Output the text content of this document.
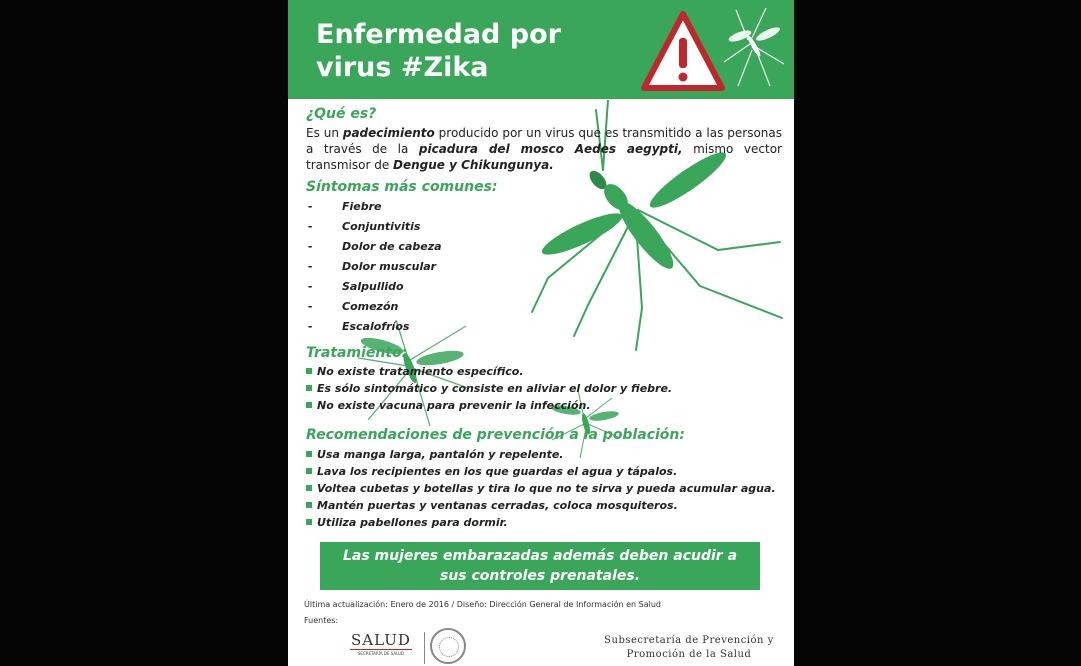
Enfermedad por
virus #Zika
¿Qué es?
Es un padecimiento producido por un virus que es transmitido a las personas a través de la picadura del mosco Aedes aegypti, mismo vector transmisor de Dengue y Chikungunya.
Síntomas más comunes:
-	Fiebre
-	Conjuntivitis
-	Dolor de cabeza
-	Dolor muscular
-	Salpullido
-	Comezón
-	Escalofríos
Tratamiento:
No existe tratamiento específico.
Es sólo sintomático y consiste en aliviar el dolor y fiebre.
No existe vacuna para prevenir la infección.
Recomendaciones de prevención a la población:
Usa manga larga, pantalón y repelente.
Lava los recipientes en los que guardas el agua y tápalos.
Voltea cubetas y botellas y tira lo que no te sirva y pueda acumular agua.
Mantén puertas y ventanas cerradas, coloca mosquiteros.
Utiliza pabellones para dormir.
Las mujeres embarazadas además deben acudir a
sus controles prenatales.
Última actualización: Enero de 2016 / Diseño: Dirección General de Información en Salud
Fuentes:
SALUD
SECRETARÍA DE SALUD
Subsecretaría de Prevención y
Promoción de la Salud
